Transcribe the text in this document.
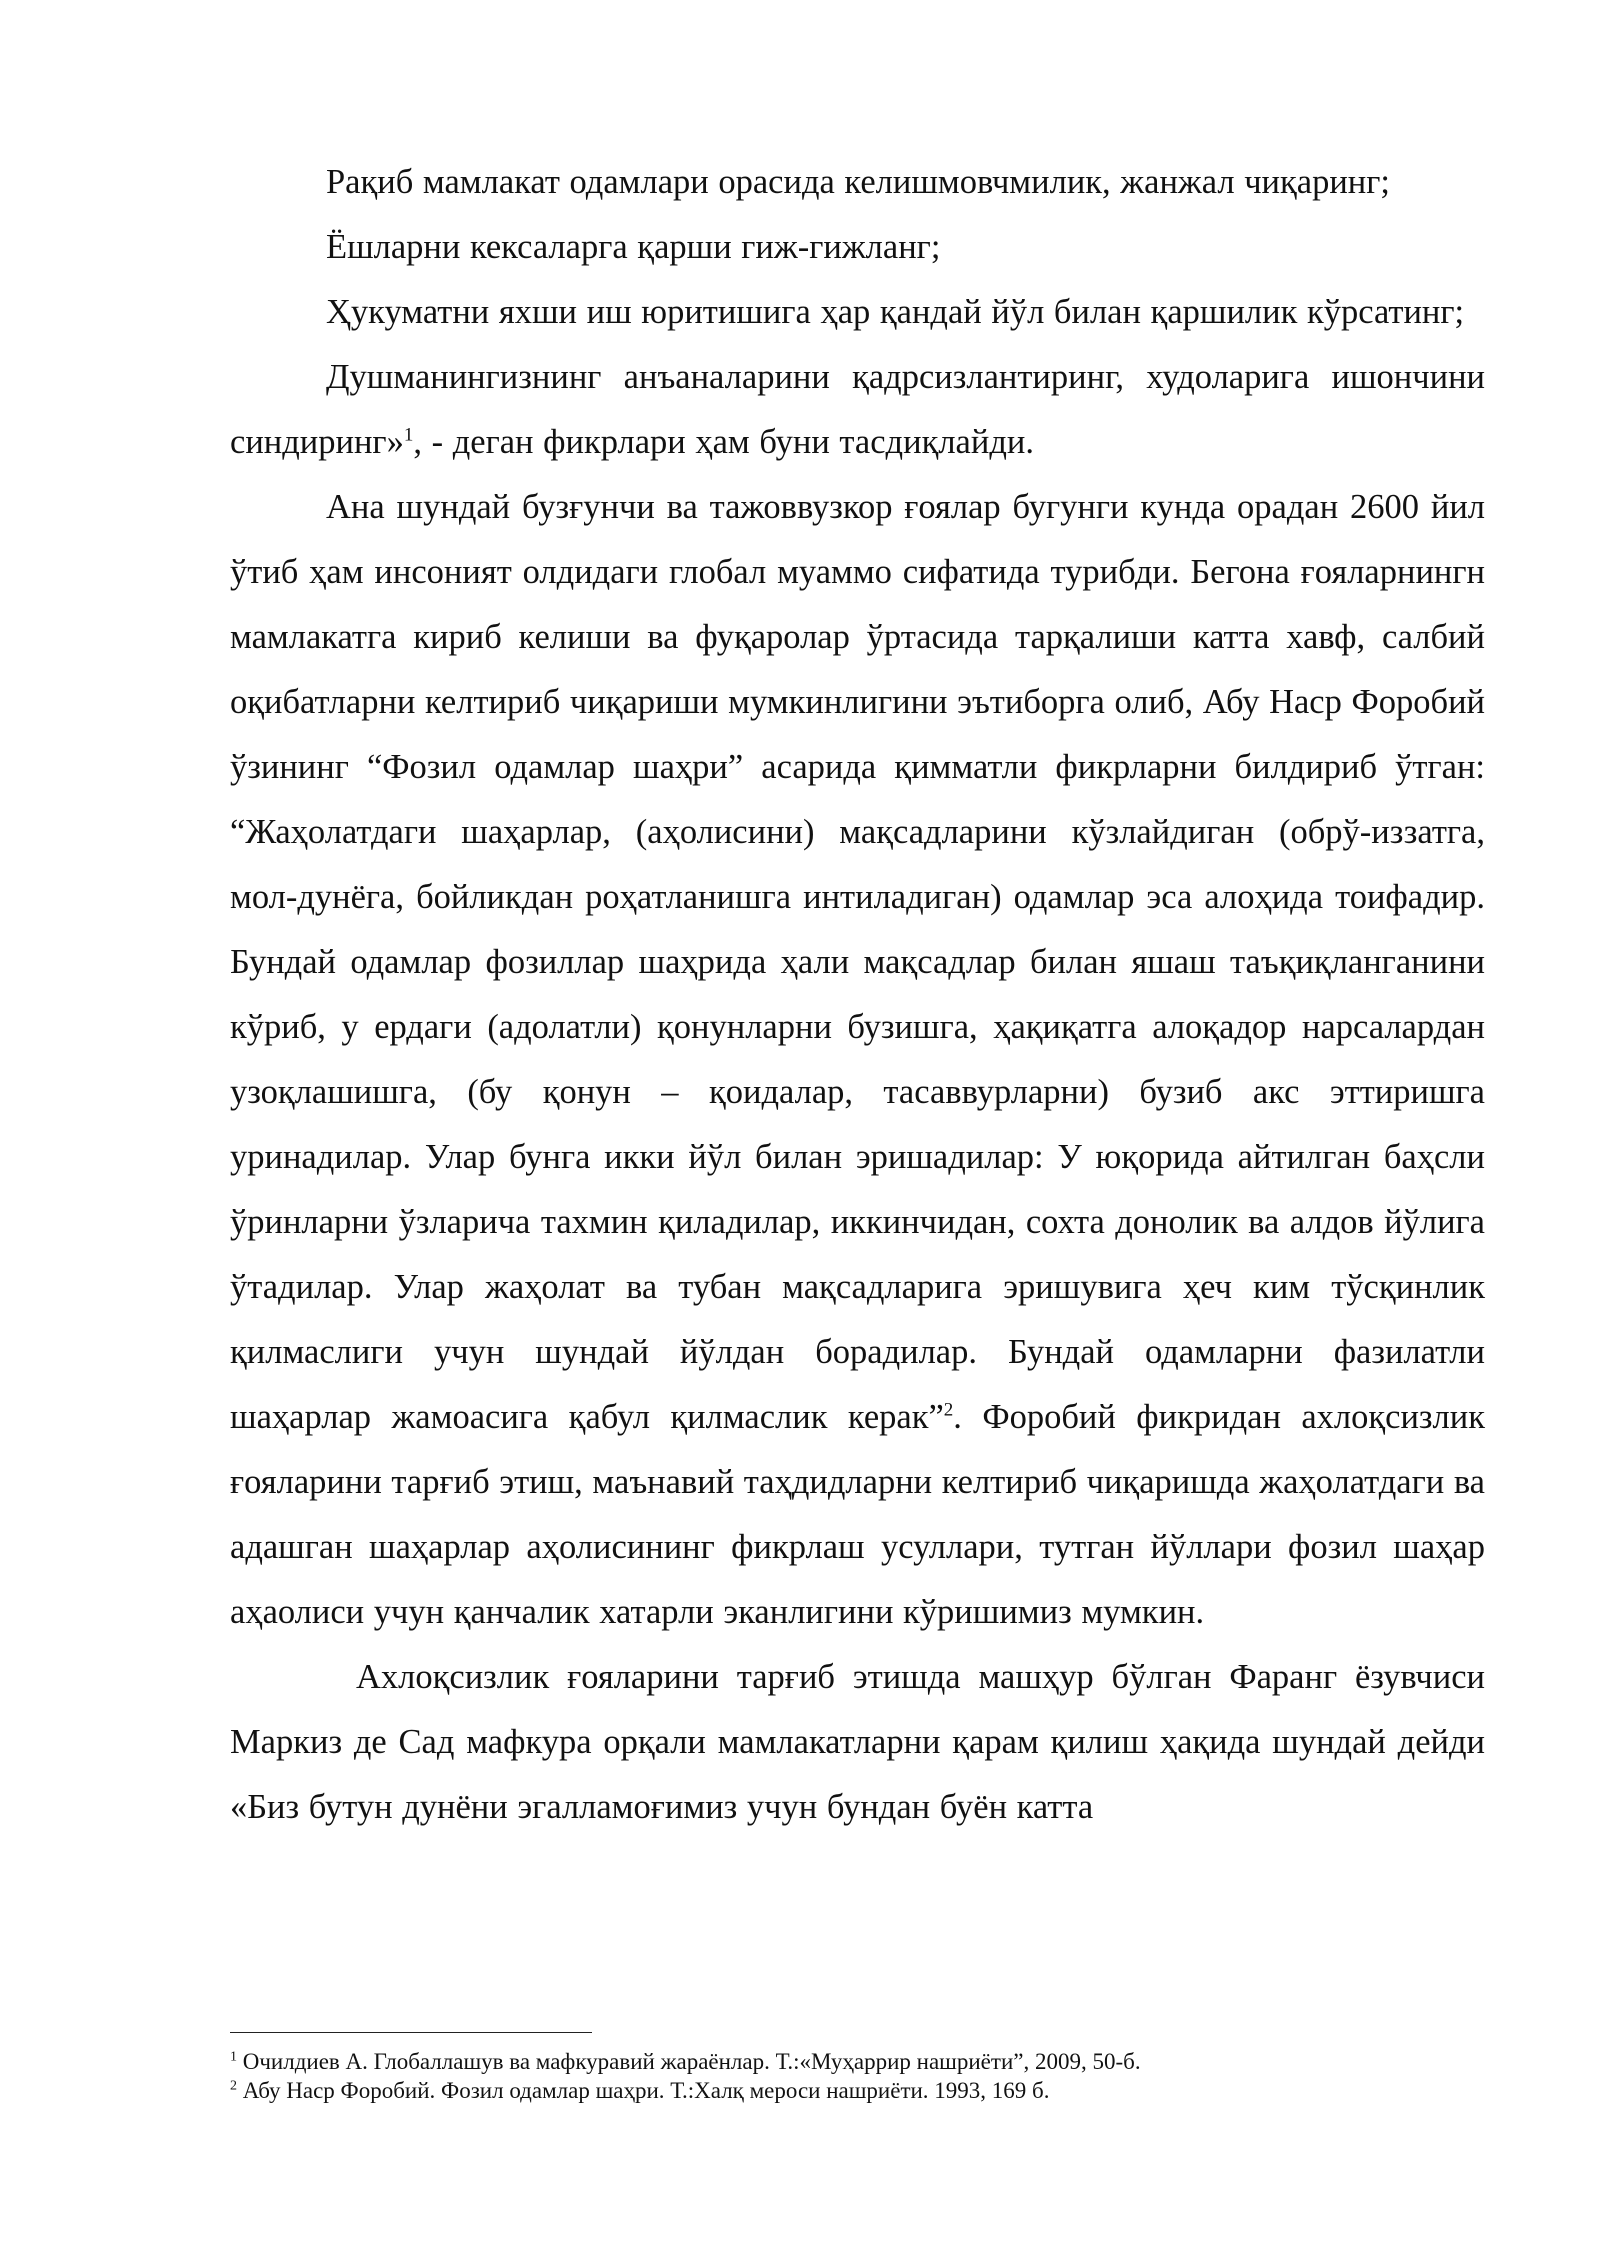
Рақиб мамлакат одамлари орасида келишмовчмилик, жанжал чиқаринг;

Ёшларни кексаларга қарши гиж-гижланг;

Ҳукуматни яхши иш юритишига ҳар қандай йўл билан қаршилик кўрсатинг;

Душманингизнинг анъаналарини қадрсизлантиринг, худоларига ишончини синдиринг»$^1$, - деган фикрлари ҳам буни тасдиқлайди.

Ана шундай бузғунчи ва тажоввузкор ғоялар бугунги кунда орадан 2600 йил ўтиб ҳам инсоният олдидаги глобал муаммо сифатида турибди. Бегона ғояларнингн мамлакатга кириб келиши ва фуқаролар ўртасида тарқалиши катта хавф, салбий оқибатларни келтириб чиқариши мумкинлигини эътиборга олиб, Абу Наср Форобий ўзининг “Фозил одамлар шаҳри” асарида қимматли фикрларни билдириб ўтган: “Жаҳолатдаги шаҳарлар, (аҳолисини) мақсадларини кўзлайдиган (обрў-иззатга, мол-дунёга, бойликдан роҳатланишга интиладиган) одамлар эса алоҳида тоифадир. Бундай одамлар фозиллар шаҳрида ҳали мақсадлар билан яшаш таъқиқланганини кўриб, у ердаги (адолатли) қонунларни бузишга, ҳақиқатга алоқадор нарсалардан узоқлашишга, (бу қонун – қоидалар, тасаввурларни) бузиб акс эттиришга уринадилар. Улар бунга икки йўл билан эришадилар: У юқорида айтилган баҳсли ўринларни ўзларича тахмин қиладилар, иккинчидан, сохта донолик ва алдов йўлига ўтадилар. Улар жаҳолат ва тубан мақсадларига эришувига ҳеч ким тўсқинлик қилмаслиги учун шундай йўлдан борадилар. Бундай одамларни фазилатли шаҳарлар жамоасига қабул қилмаслик керак”$^2$. Форобий фикридан ахлоқсизлик ғояларини тарғиб этиш, маънавий таҳдидларни келтириб чиқаришда жаҳолатдаги ва адашган шаҳарлар аҳолисининг фикрлаш усуллари, тутган йўллари фозил шаҳар аҳаолиси учун қанчалик хатарли эканлигини кўришимиз мумкин.

Ахлоқсизлик ғояларини тарғиб этишда машҳур бўлган Фаранг ёзувчиси Маркиз де Сад мафкура орқали мамлакатларни қарам қилиш ҳақида шундай дейди «Биз бутун дунёни эгалламоғимиз учун бундан буён катта

$^1$ Очилдиев А. Глобаллашув ва мафкуравий жараёнлар. Т.:«Муҳаррир нашриёти”, 2009, 50-б.

$^2$ Абу Наср Форобий. Фозил одамлар шаҳри. Т.:Халқ мероси нашриёти. 1993, 169 б.
